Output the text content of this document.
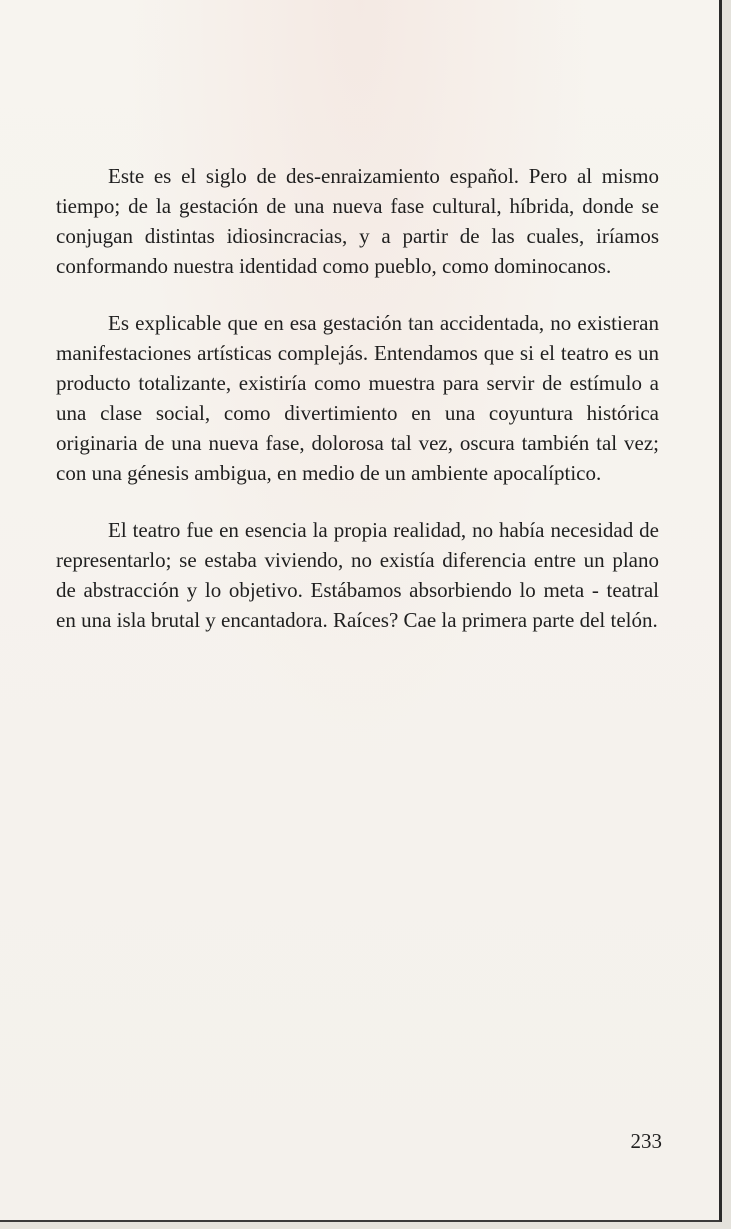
Este es el siglo de des-enraizamiento español. Pero al mismo tiempo; de la gestación de una nueva fase cultural, híbrida, donde se conjugan distintas idiosincracias, y a partir de las cuales, iríamos conformando nuestra identidad como pueblo, como dominocanos.

Es explicable que en esa gestación tan accidentada, no existieran manifestaciones artísticas complejás. Entendamos que si el teatro es un producto totalizante, existiría como muestra para servir de estímulo a una clase social, como divertimiento en una coyuntura histórica originaria de una nueva fase, dolorosa tal vez, oscura también tal vez; con una génesis ambigua, en medio de un ambiente apocalíptico.

El teatro fue en esencia la propia realidad, no había necesidad de representarlo; se estaba viviendo, no existía diferencia entre un plano de abstracción y lo objetivo. Estábamos absorbiendo lo meta - teatral en una isla brutal y encantadora. Raíces? Cae la primera parte del telón.

233
